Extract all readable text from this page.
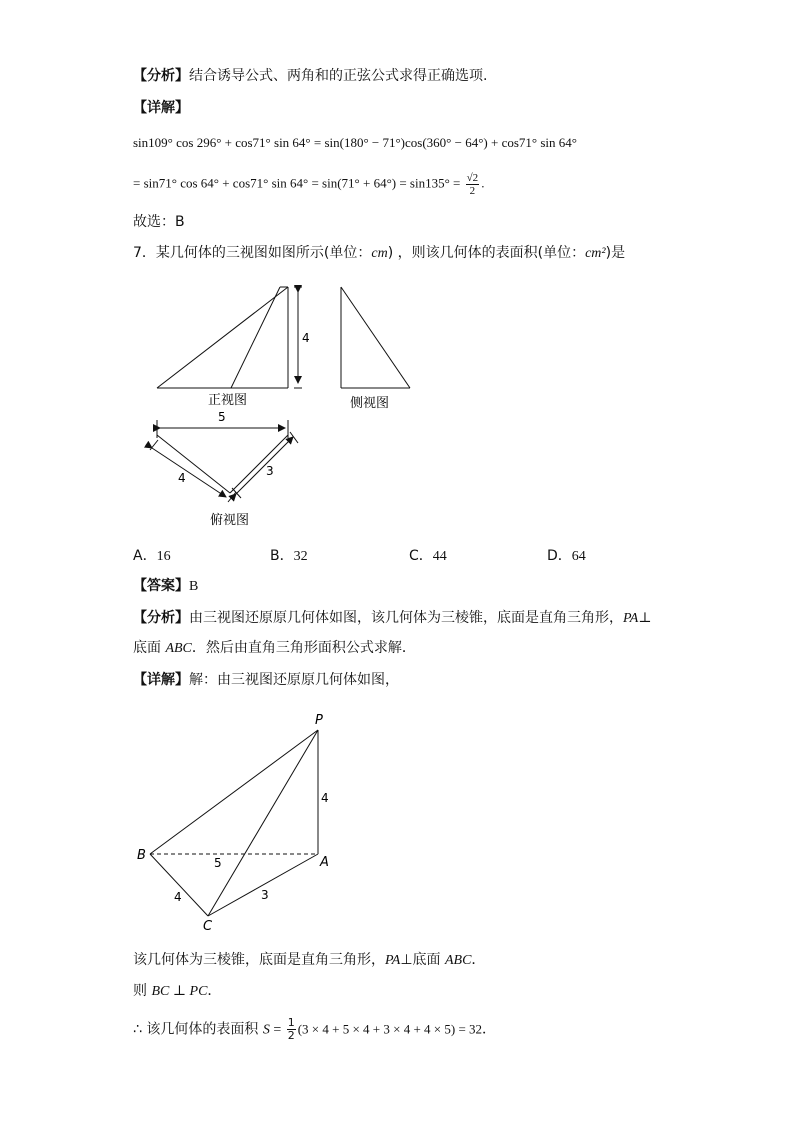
【分析】结合诱导公式、两角和的正弦公式求得正确选项.
【详解】
sin109° cos 296° + cos71° sin 64° = sin(180° − 71°)cos(360° − 64°) + cos71° sin 64°
= sin71° cos 64° + cos71° $\sin 64^\circ = \sin(71^\circ + 64^\circ) = \sin 135^\circ = \frac{√2}{2}$ .
故选：B
7．某几何体的三视图如图所示(单位：cm) ，则该几何体的表面积(单位：cm²)是
4
正视图	侧视图
5
4	3
俯视图
A．16	B．32	C．44	D．64
【答案】B
【分析】由三视图还原原几何体如图，该几何体为三棱锥，底面是直角三角形，PA⊥
底面 ABC．然后由直角三角形面积公式求解．
【详解】解：由三视图还原原几何体如图，
P
A
B
C
4
5
4	3
该几何体为三棱锥，底面是直角三角形，PA⊥底面 ABC．
则 BC ⊥ PC．
∴ 该几何体的表面积 $S = \frac{1}{2} (3 \times 4 + 5 \times 4 + 3 \times 4 + 4 \times 5) = 32$．
